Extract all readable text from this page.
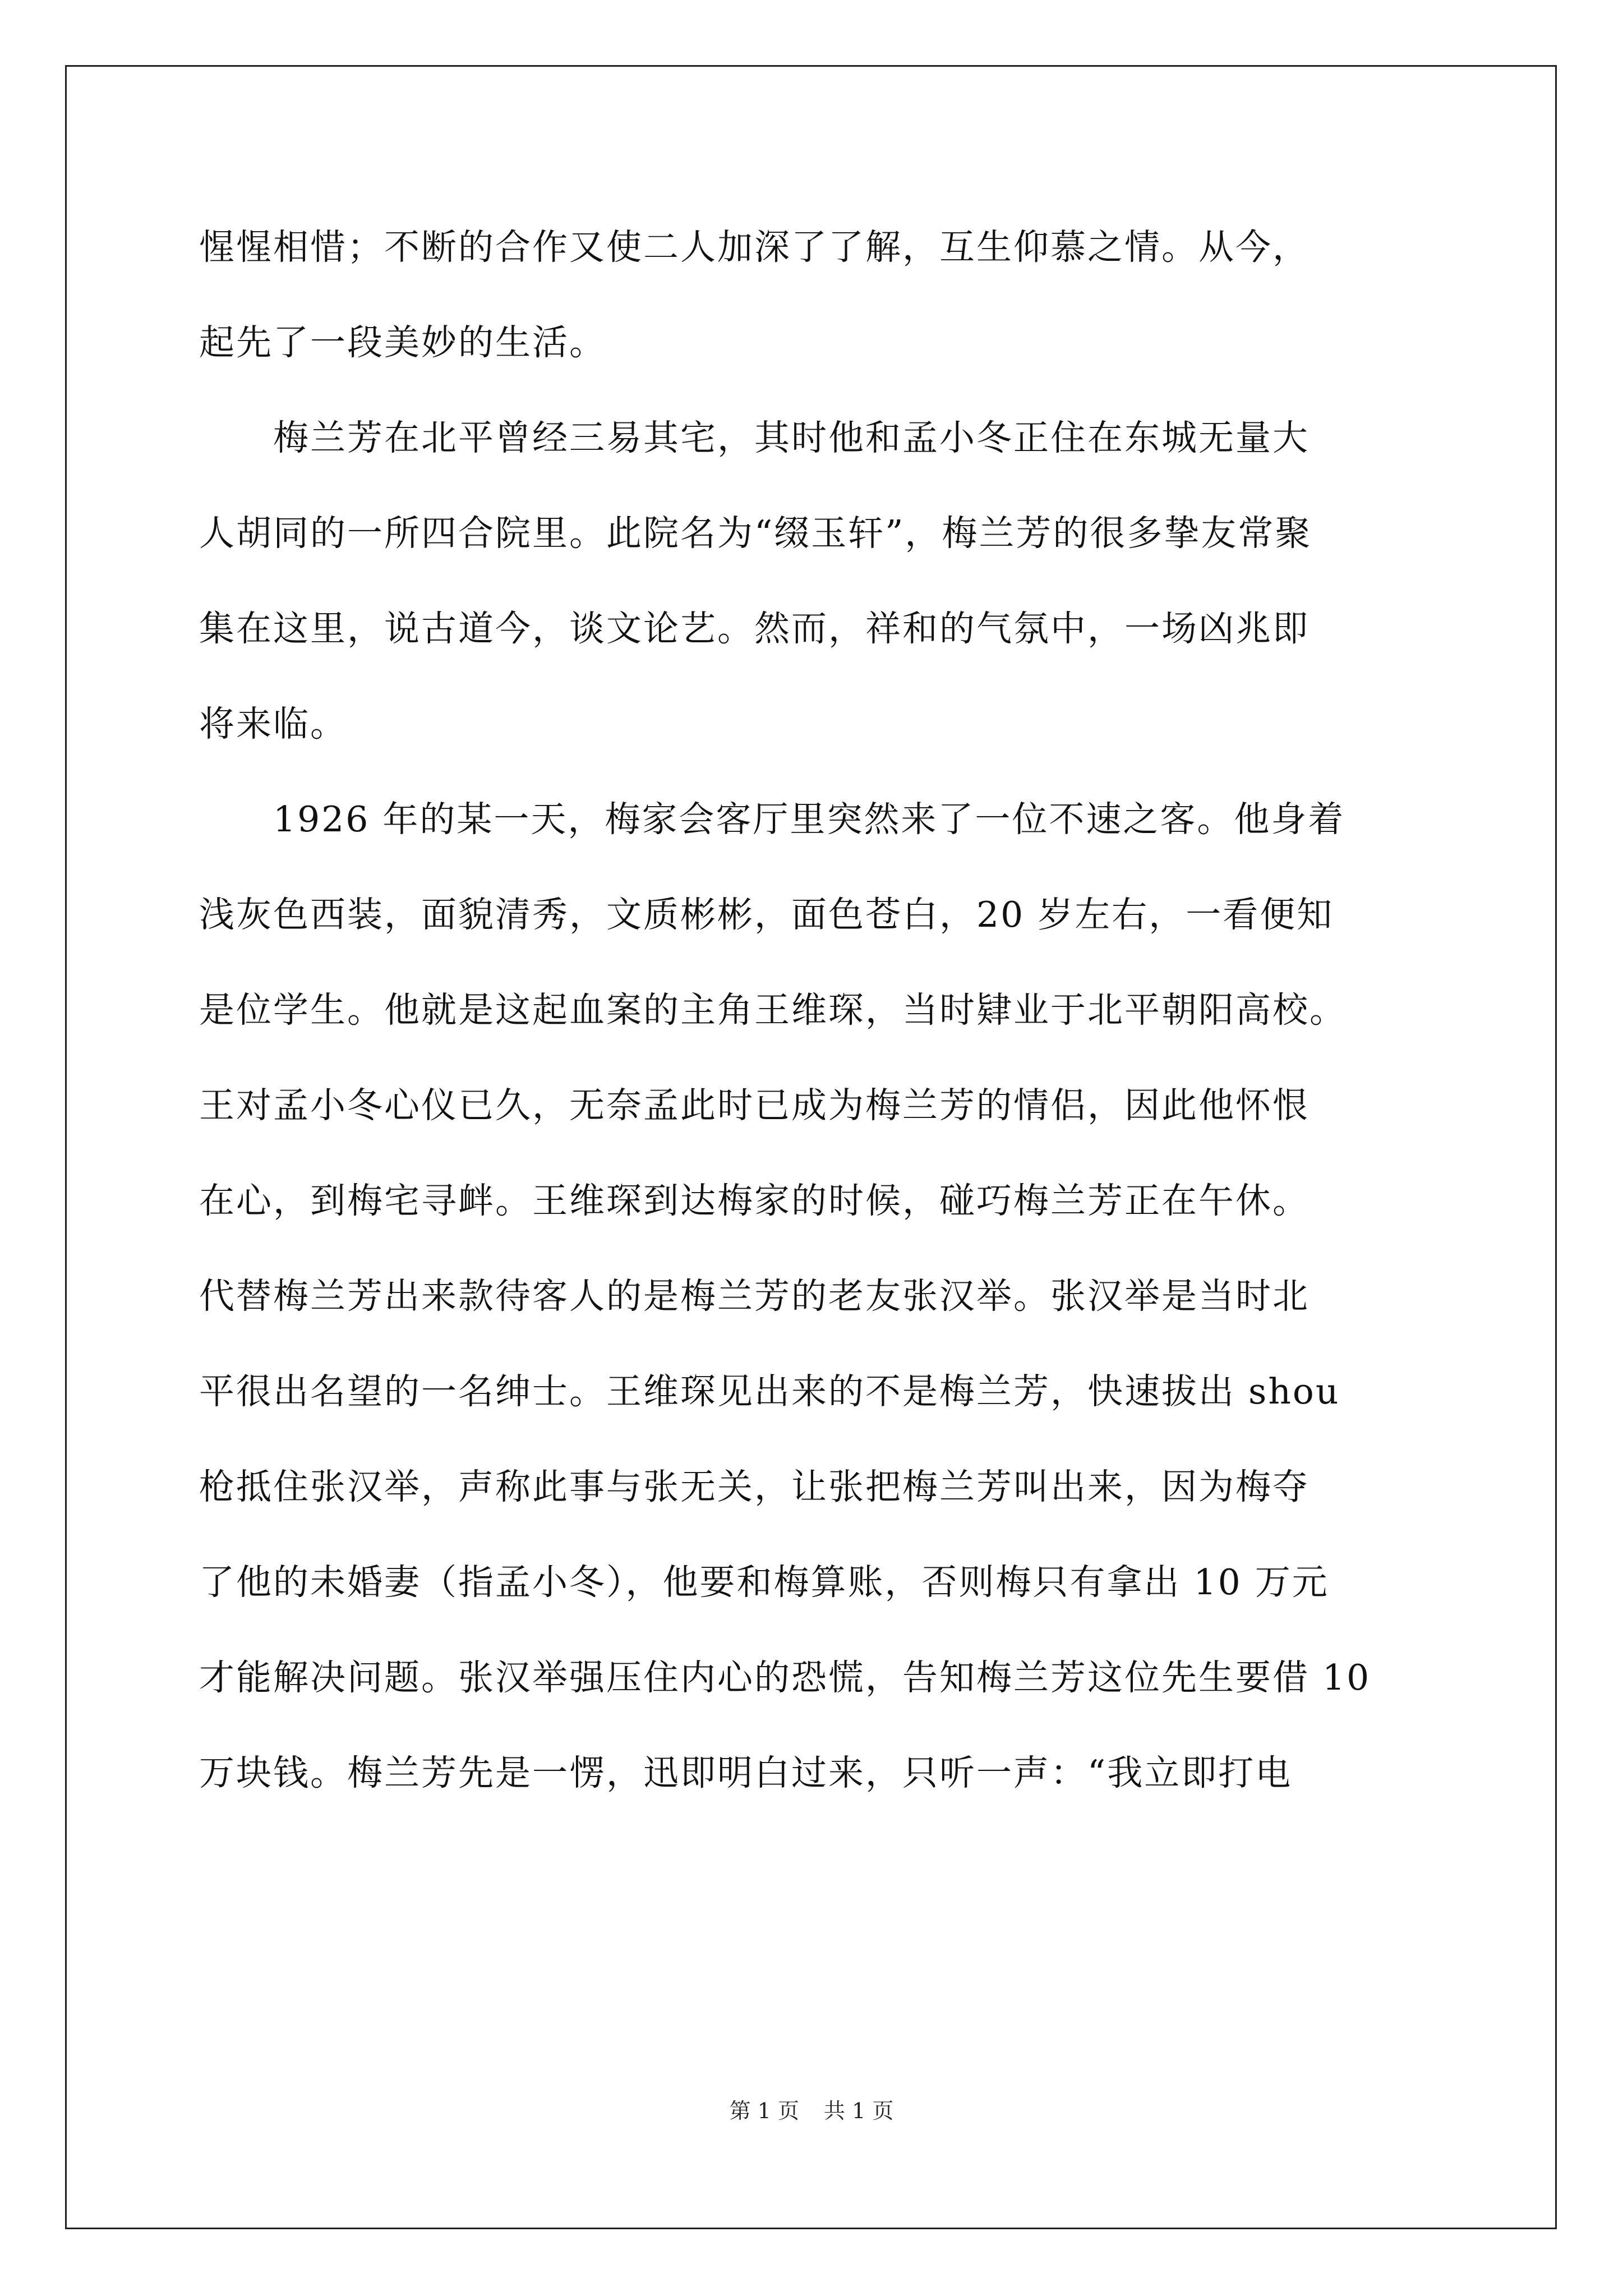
惺惺相惜；不断的合作又使二人加深了了解，互生仰慕之情。从今，
起先了一段美妙的生活。
　　梅兰芳在北平曾经三易其宅，其时他和孟小冬正住在东城无量大
人胡同的一所四合院里。此院名为“缀玉轩”，梅兰芳的很多挚友常聚
集在这里，说古道今，谈文论艺。然而，祥和的气氛中，一场凶兆即
将来临。
　　1926 年的某一天，梅家会客厅里突然来了一位不速之客。他身着
浅灰色西装，面貌清秀，文质彬彬，面色苍白，20 岁左右，一看便知
是位学生。他就是这起血案的主角王维琛，当时肄业于北平朝阳高校。
王对孟小冬心仪已久，无奈孟此时已成为梅兰芳的情侣，因此他怀恨
在心，到梅宅寻衅。王维琛到达梅家的时候，碰巧梅兰芳正在午休。
代替梅兰芳出来款待客人的是梅兰芳的老友张汉举。张汉举是当时北
平很出名望的一名绅士。王维琛见出来的不是梅兰芳，快速拔出 shou
枪抵住张汉举，声称此事与张无关，让张把梅兰芳叫出来，因为梅夺
了他的未婚妻（指孟小冬），他要和梅算账，否则梅只有拿出 10 万元
才能解决问题。张汉举强压住内心的恐慌，告知梅兰芳这位先生要借 10
万块钱。梅兰芳先是一愣，迅即明白过来，只听一声：“我立即打电
第 1 页 共 1 页
